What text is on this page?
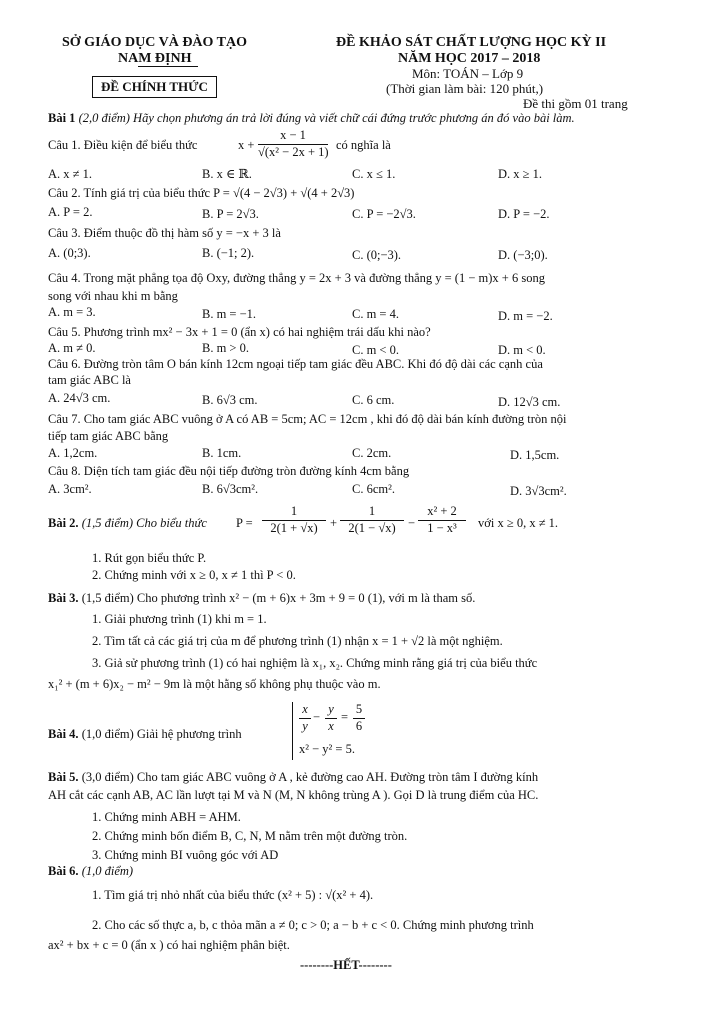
SỞ GIÁO DỤC VÀ ĐÀO TẠO
NAM ĐỊNH
ĐỀ CHÍNH THỨC
ĐỀ KHẢO SÁT CHẤT LƯỢNG HỌC KỲ II
NĂM HỌC 2017 – 2018
Môn: TOÁN – Lớp 9
(Thời gian làm bài: 120 phút,)
Đề thi gồm 01 trang
Bài 1 (2,0 điểm) Hãy chọn phương án trả lời đúng và viết chữ cái đứng trước phương án đó vào bài làm.
Câu 1. Điều kiện để biểu thức	x +
x − 1
√(x² − 2x + 1) có nghĩa là
A. x ≠ 1.	B. x ∈ ℝ.	C. x ≤ 1.	D. x ≥ 1.
Câu 2. Tính giá trị của biểu thức P = √(4 − 2√3) + √(4 + 2√3)
A. P = 2.	B. P = 2√3.	C. P = −2√3.	D. P = −2.
Câu 3. Điểm thuộc đồ thị hàm số y = −x + 3 là
A. (0;3).	B. (−1; 2).	C. (0;−3).	D. (−3;0).
Câu 4. Trong mặt phẳng tọa độ Oxy, đường thẳng y = 2x + 3 và đường thẳng y = (1 − m)x + 6 song
song với nhau khi m bằng
A. m = 3.	B. m = −1.	C. m = 4.	D. m = −2.
Câu 5. Phương trình mx² − 3x + 1 = 0 (ẩn x) có hai nghiệm trái dấu khi nào?
A. m ≠ 0.	B. m > 0.	C. m < 0.	D. m < 0.
Câu 6. Đường tròn tâm O bán kính 12cm ngoại tiếp tam giác đều ABC. Khi đó độ dài các cạnh của
tam giác ABC là
A. 24√3 cm.	B. 6√3 cm.	C. 6 cm.	D. 12√3 cm.
Câu 7. Cho tam giác ABC vuông ở A có AB = 5cm; AC = 12cm , khi đó độ dài bán kính đường tròn nội
tiếp tam giác ABC bằng
A. 1,2cm.	B. 1cm.	C. 2cm.	D. 1,5cm.
Câu 8. Diện tích tam giác đều nội tiếp đường tròn đường kính 4cm bằng
A. 3cm².	B. 6√3cm².	C. 6cm².	D. 3√3cm².
Bài 2. (1,5 điểm) Cho biểu thức P =
1
2(1 + √x) +
1
2(1 − √x) −
x² + 2
1 − x³	với x ≥ 0, x ≠ 1.
1. Rút gọn biểu thức P.
2. Chứng minh với x ≥ 0, x ≠ 1 thì P < 0.
Bài 3. (1,5 điểm) Cho phương trình x² − (m + 6)x + 3m + 9 = 0 (1), với m là tham số.
1. Giải phương trình (1) khi m = 1.
2. Tìm tất cả các giá trị của m để phương trình (1) nhận x = 1 + √2 là một nghiệm.
3. Giả sử phương trình (1) có hai nghiệm là x₁, x₂. Chứng minh rằng giá trị của biểu thức
x₁² + (m + 6)x₂ − m² − 9m là một hằng số không phụ thuộc vào m.
Bài 4. (1,0 điểm) Giải hệ phương trình
x
y
−
y
x
=
5
6
x² − y² = 5.
Bài 5. (3,0 điểm) Cho tam giác ABC vuông ở A , kẻ đường cao AH. Đường tròn tâm I đường kính
AH cắt các cạnh AB, AC lần lượt tại M và N (M, N không trùng A ). Gọi D là trung điểm của HC.
1. Chứng minh ABH = AHM.
2. Chứng minh bốn điểm B, C, N, M nằm trên một đường tròn.
3. Chứng minh BI vuông góc với AD
Bài 6. (1,0 điểm)
1. Tìm giá trị nhỏ nhất của biểu thức (x² + 5) : √(x² + 4).
2. Cho các số thực a, b, c thỏa mãn a ≠ 0; c > 0; a − b + c < 0. Chứng minh phương trình
ax² + bx + c = 0 (ẩn x ) có hai nghiệm phân biệt.
--------HẾT--------
